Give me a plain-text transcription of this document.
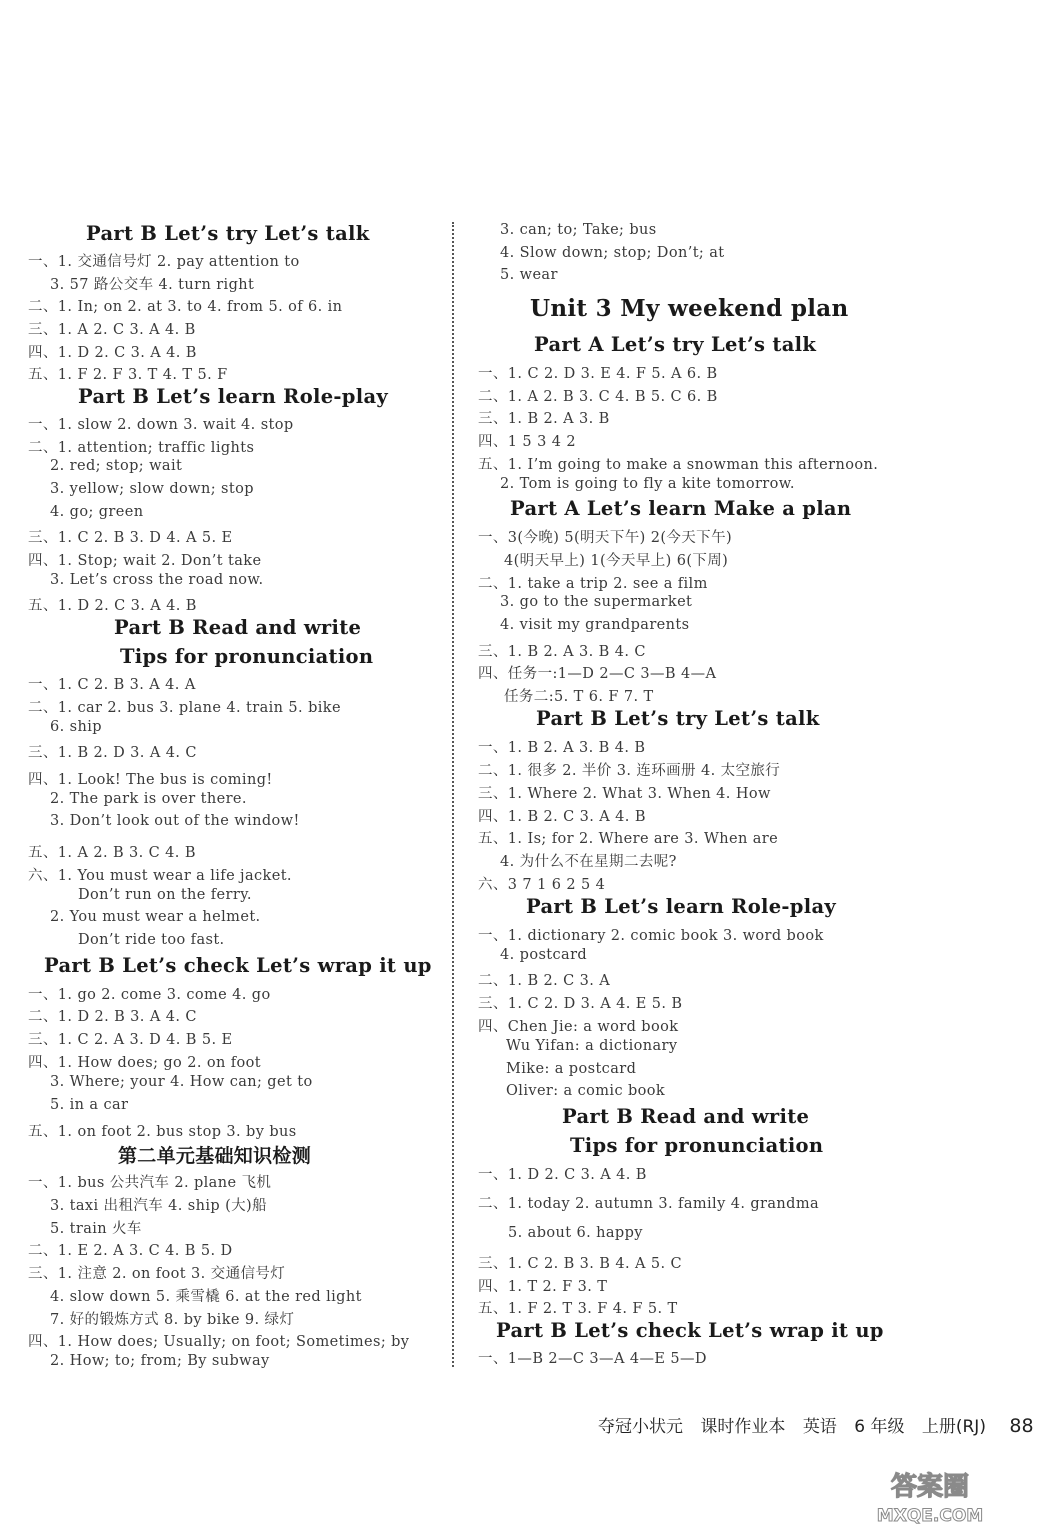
Part B Let’s try Let’s talk
一、1. 交通信号灯 2. pay attention to
3. 57 路公交车 4. turn right
二、1. In; on 2. at 3. to 4. from 5. of 6. in
三、1. A 2. C 3. A 4. B
四、1. D 2. C 3. A 4. B
五、1. F 2. F 3. T 4. T 5. F
Part B Let’s learn Role-play
一、1. slow 2. down 3. wait 4. stop
二、1. attention; traffic lights
2. red; stop; wait
3. yellow; slow down; stop
4. go; green
三、1. C 2. B 3. D 4. A 5. E
四、1. Stop; wait 2. Don’t take
3. Let’s cross the road now.
五、1. D 2. C 3. A 4. B
Part B Read and write
Tips for pronunciation
一、1. C 2. B 3. A 4. A
二、1. car 2. bus 3. plane 4. train 5. bike
6. ship
三、1. B 2. D 3. A 4. C
四、1. Look! The bus is coming!
2. The park is over there.
3. Don’t look out of the window!
五、1. A 2. B 3. C 4. B
六、1. You must wear a life jacket.
Don’t run on the ferry.
2. You must wear a helmet.
Don’t ride too fast.
Part B Let’s check Let’s wrap it up
一、1. go 2. come 3. come 4. go
二、1. D 2. B 3. A 4. C
三、1. C 2. A 3. D 4. B 5. E
四、1. How does; go 2. on foot
3. Where; your 4. How can; get to
5. in a car
五、1. on foot 2. bus stop 3. by bus
第二单元基础知识检测
一、1. bus 公共汽车 2. plane 飞机
3. taxi 出租汽车 4. ship (大)船
5. train 火车
二、1. E 2. A 3. C 4. B 5. D
三、1. 注意 2. on foot 3. 交通信号灯
4. slow down 5. 乘雪橇 6. at the red light
7. 好的锻炼方式 8. by bike 9. 绿灯
四、1. How does; Usually; on foot; Sometimes; by
2. How; to; from; By subway
3. can; to; Take; bus
4. Slow down; stop; Don’t; at
5. wear
Unit 3 My weekend plan
Part A Let’s try Let’s talk
一、1. C 2. D 3. E 4. F 5. A 6. B
二、1. A 2. B 3. C 4. B 5. C 6. B
三、1. B 2. A 3. B
四、1 5 3 4 2
五、1. I’m going to make a snowman this afternoon.
2. Tom is going to fly a kite tomorrow.
Part A Let’s learn Make a plan
一、3(今晚) 5(明天下午) 2(今天下午)
4(明天早上) 1(今天早上) 6(下周)
二、1. take a trip 2. see a film
3. go to the supermarket
4. visit my grandparents
三、1. B 2. A 3. B 4. C
四、任务一:1—D 2—C 3—B 4—A
任务二:5. T 6. F 7. T
Part B Let’s try Let’s talk
一、1. B 2. A 3. B 4. B
二、1. 很多 2. 半价 3. 连环画册 4. 太空旅行
三、1. Where 2. What 3. When 4. How
四、1. B 2. C 3. A 4. B
五、1. Is; for 2. Where are 3. When are
4. 为什么不在星期二去呢?
六、3 7 1 6 2 5 4
Part B Let’s learn Role-play
一、1. dictionary 2. comic book 3. word book
4. postcard
二、1. B 2. C 3. A
三、1. C 2. D 3. A 4. E 5. B
四、Chen Jie: a word book
Wu Yifan: a dictionary
Mike: a postcard
Oliver: a comic book
Part B Read and write
Tips for pronunciation
一、1. D 2. C 3. A 4. B
二、1. today 2. autumn 3. family 4. grandma
5. about 6. happy
三、1. C 2. B 3. B 4. A 5. C
四、1. T 2. F 3. T
五、1. F 2. T 3. F 4. F 5. T
Part B Let’s check Let’s wrap it up
一、1—B 2—C 3—A 4—E 5—D
夺冠小状元 课时作业本 英语 6 年级 上册(RJ) 88
答案圈
MXQE.COM
